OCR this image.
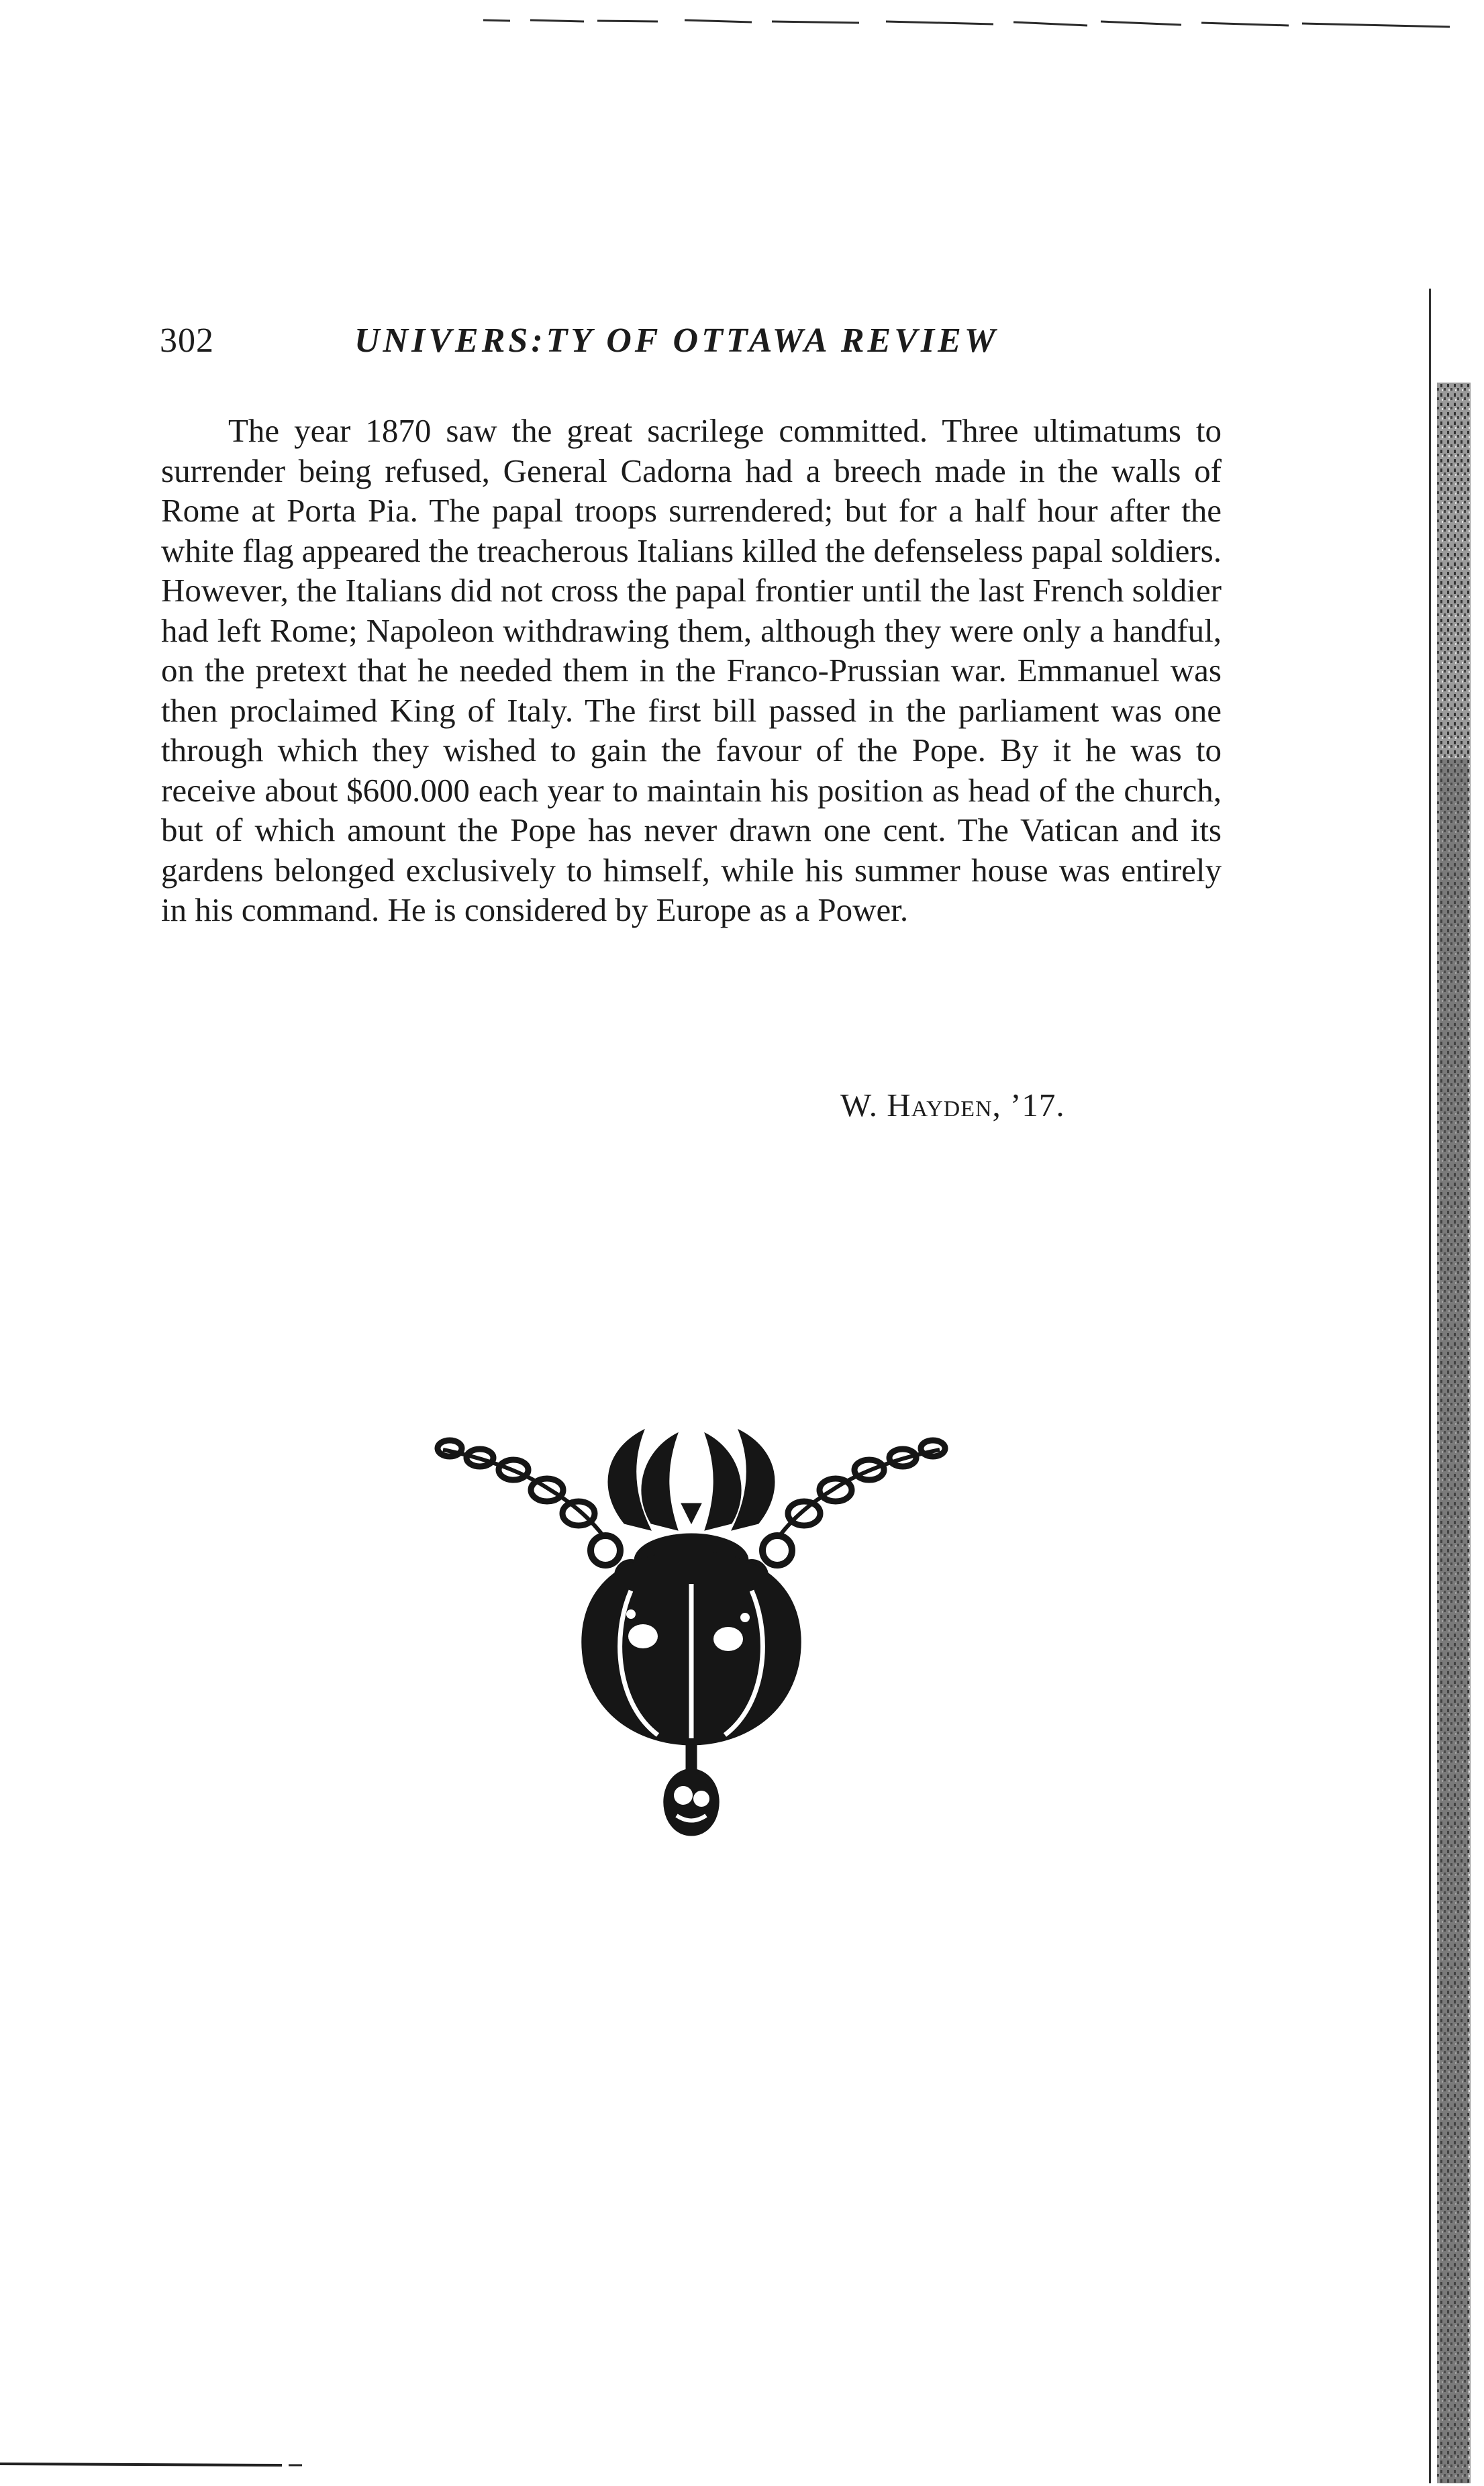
302	UNIVERS:TY OF OTTAWA REVIEW

The year 1870 saw the great sacrilege committed. Three ultimatums to surrender being refused, General Cadorna had a breech made in the walls of Rome at Porta Pia. The papal troops surrendered; but for a half hour after the white flag appeared the treacherous Italians killed the defenseless papal soldiers. However, the Italians did not cross the papal frontier until the last French soldier had left Rome; Napoleon withdrawing them, although they were only a handful, on the pretext that he needed them in the Franco-Prussian war. Emmanuel was then proclaimed King of Italy. The first bill passed in the parliament was one through which they wished to gain the favour of the Pope. By it he was to receive about $600.000 each year to maintain his position as head of the church, but of which amount the Pope has never drawn one cent. The Vatican and its gardens belonged exclusively to himself, while his summer house was entirely in his command. He is considered by Europe as a Power.

W. Hayden, ’17.
